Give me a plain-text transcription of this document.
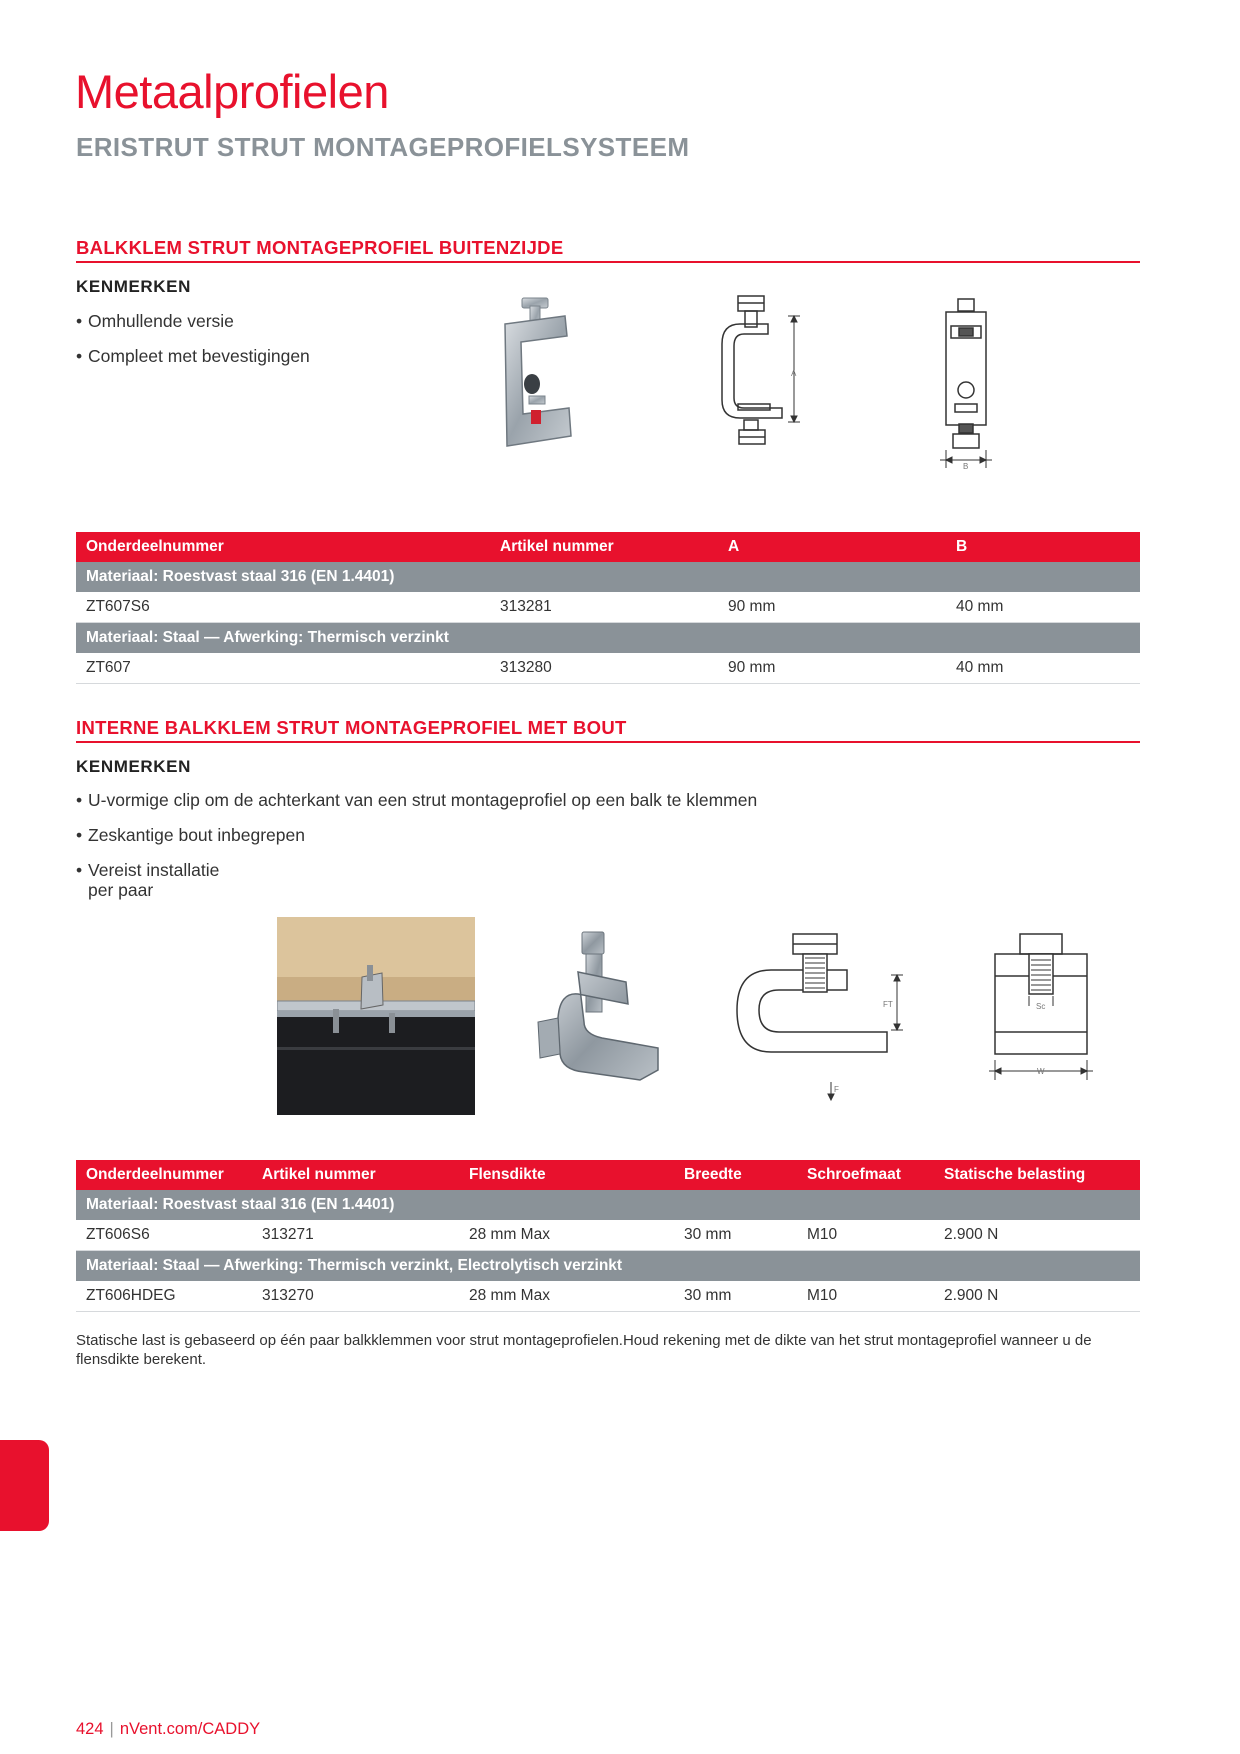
Metaalprofielen
ERISTRUT STRUT MONTAGEPROFIELSYSTEEM
BALKKLEM STRUT MONTAGEPROFIEL BUITENZIJDE
KENMERKEN
• Omhullende versie
• Compleet met bevestigingen
A
B
Onderdeelnummer	Artikel nummer	A	B
Materiaal: Roestvast staal 316 (EN 1.4401)			
ZT607S6	313281	90 mm	40 mm
Materiaal: Staal — Afwerking: Thermisch verzinkt			
ZT607	313280	90 mm	40 mm
INTERNE BALKKLEM STRUT MONTAGEPROFIEL MET BOUT
KENMERKEN
• U-vormige clip om de achterkant van een strut montageprofiel op een balk te klemmen
• Zeskantige bout inbegrepen
• Vereist installatie per paar
FT
F
Sc
W
Onderdeelnummer	Artikel nummer	Flensdikte	Breedte	Schroefmaat	Statische belasting
Materiaal: Roestvast staal 316 (EN 1.4401)					
ZT606S6	313271	28 mm Max	30 mm	M10	2.900 N
Materiaal: Staal — Afwerking: Thermisch verzinkt, Electrolytisch verzinkt					
ZT606HDEG	313270	28 mm Max	30 mm	M10	2.900 N
Statische last is gebaseerd op één paar balkklemmen voor strut montageprofielen.Houd rekening met de dikte van het strut montageprofiel wanneer u de flensdikte berekent.
424 | nVent.com/CADDY
